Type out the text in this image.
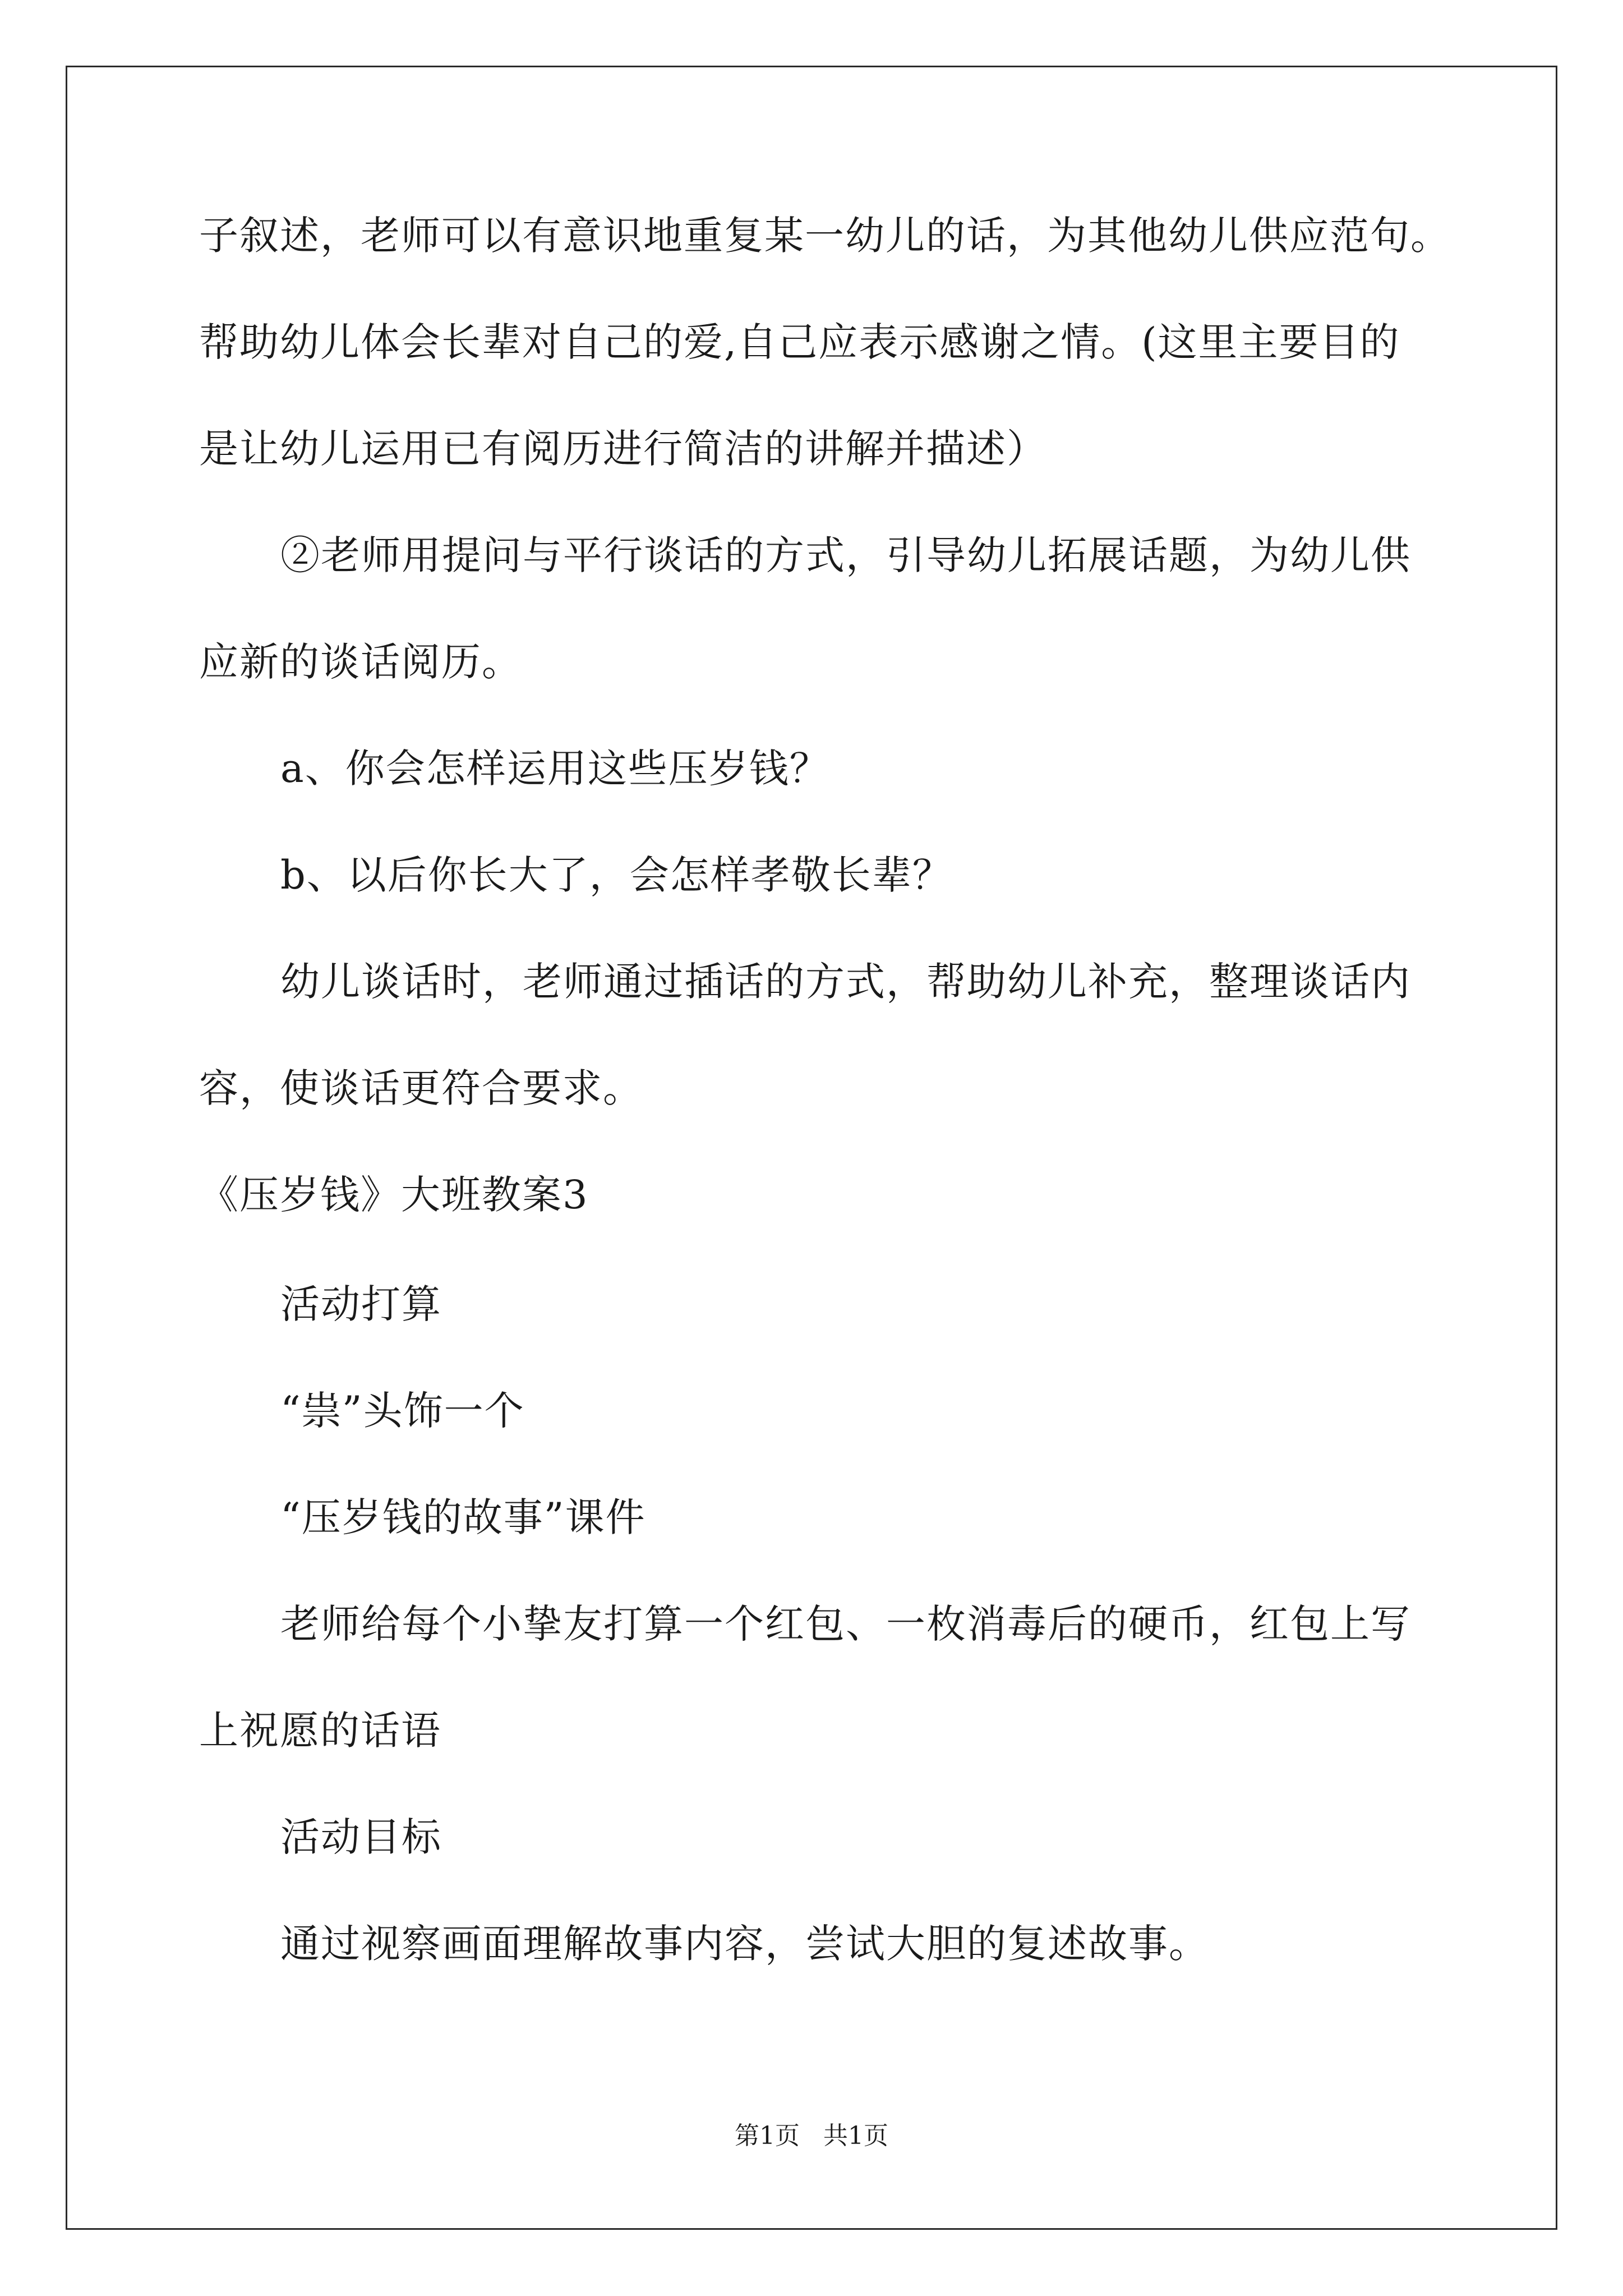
子叙述，老师可以有意识地重复某一幼儿的话，为其他幼儿供应范句。
帮助幼儿体会长辈对自己的爱,自己应表示感谢之情。(这里主要目的
是让幼儿运用已有阅历进行简洁的讲解并描述）
②老师用提问与平行谈话的方式，引导幼儿拓展话题，为幼儿供
应新的谈话阅历。
a、你会怎样运用这些压岁钱？
b、以后你长大了，会怎样孝敬长辈？
幼儿谈话时，老师通过插话的方式，帮助幼儿补充，整理谈话内
容，使谈话更符合要求。
《压岁钱》大班教案3
活动打算
“祟”头饰一个
“压岁钱的故事”课件
老师给每个小挚友打算一个红包、一枚消毒后的硬币，红包上写
上祝愿的话语
活动目标
通过视察画面理解故事内容，尝试大胆的复述故事。
第1页   共1页
